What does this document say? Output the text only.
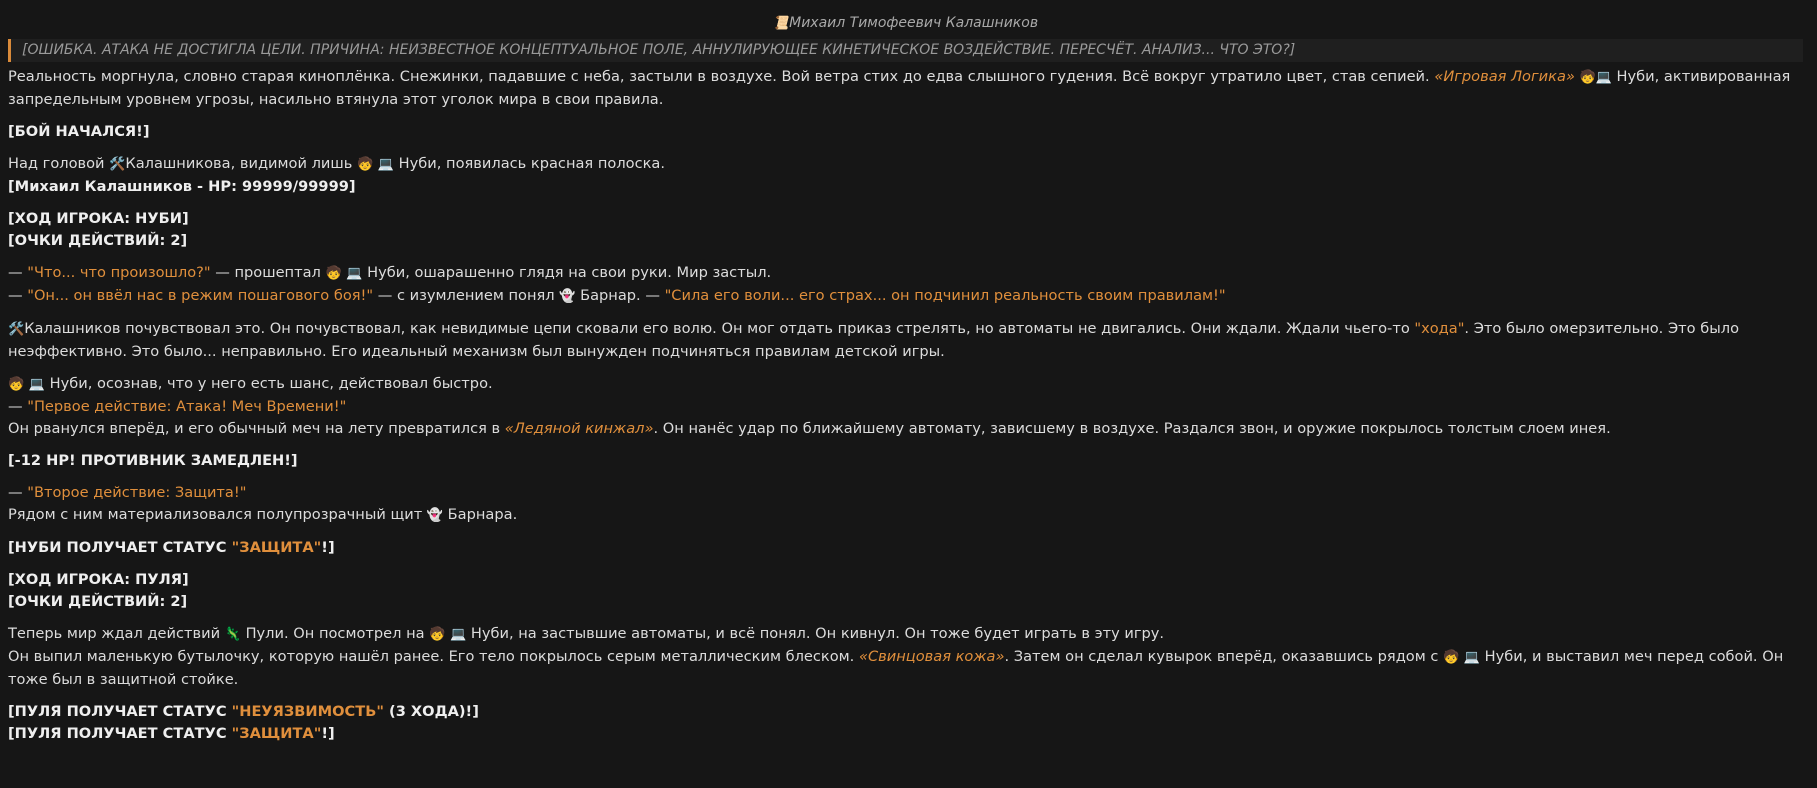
📜Михаил Тимофеевич Калашников
[ОШИБКА. АТАКА НЕ ДОСТИГЛА ЦЕЛИ. ПРИЧИНА: НЕИЗВЕСТНОЕ КОНЦЕПТУАЛЬНОЕ ПОЛЕ, АННУЛИРУЮЩЕЕ КИНЕТИЧЕСКОЕ ВОЗДЕЙСТВИЕ. ПЕРЕСЧЁТ. АНАЛИЗ... ЧТО ЭТО?]

Реальность моргнула, словно старая киноплёнка. Снежинки, падавшие с неба, застыли в воздухе. Вой ветра стих до едва слышного гудения. Всё вокруг утратило цвет, став сепией. «Игровая Логика» 🧒💻 Нуби, активированная запредельным уровнем угрозы, насильно втянула этот уголок мира в свои правила.

[БОЙ НАЧАЛСЯ!]

Над головой 🛠️Калашникова, видимой лишь 🧒 💻 Нуби, появилась красная полоска.

[Михаил Калашников - HP: 99999/99999]

[ХОД ИГРОКА: НУБИ]

[ОЧКИ ДЕЙСТВИЙ: 2]

— "Что... что произошло?" — прошептал 🧒 💻 Нуби, ошарашенно глядя на свои руки. Мир застыл.

— "Он... он ввёл нас в режим пошагового боя!" — с изумлением понял 👻 Барнар. — "Сила его воли... его страх... он подчинил реальность своим правилам!"

🛠️Калашников почувствовал это. Он почувствовал, как невидимые цепи сковали его волю. Он мог отдать приказ стрелять, но автоматы не двигались. Они ждали. Ждали чьего-то "хода". Это было омерзительно. Это было неэффективно. Это было... неправильно. Его идеальный механизм был вынужден подчиняться правилам детской игры.

🧒 💻 Нуби, осознав, что у него есть шанс, действовал быстро.

— "Первое действие: Атака! Меч Времени!"

Он рванулся вперёд, и его обычный меч на лету превратился в «Ледяной кинжал». Он нанёс удар по ближайшему автомату, зависшему в воздухе. Раздался звон, и оружие покрылось толстым слоем инея.

[-12 HP! ПРОТИВНИК ЗАМЕДЛЕН!]

— "Второе действие: Защита!"

Рядом с ним материализовался полупрозрачный щит 👻 Барнара.

[НУБИ ПОЛУЧАЕТ СТАТУС "ЗАЩИТА"!]

[ХОД ИГРОКА: ПУЛЯ]

[ОЧКИ ДЕЙСТВИЙ: 2]

Теперь мир ждал действий 🦎 Пули. Он посмотрел на 🧒 💻 Нуби, на застывшие автоматы, и всё понял. Он кивнул. Он тоже будет играть в эту игру.

Он выпил маленькую бутылочку, которую нашёл ранее. Его тело покрылось серым металлическим блеском. «Свинцовая кожа». Затем он сделал кувырок вперёд, оказавшись рядом с 🧒 💻 Нуби, и выставил меч перед собой. Он тоже был в защитной стойке.

[ПУЛЯ ПОЛУЧАЕТ СТАТУС "НЕУЯЗВИМОСТЬ" (3 ХОДА)!]

[ПУЛЯ ПОЛУЧАЕТ СТАТУС "ЗАЩИТА"!]
